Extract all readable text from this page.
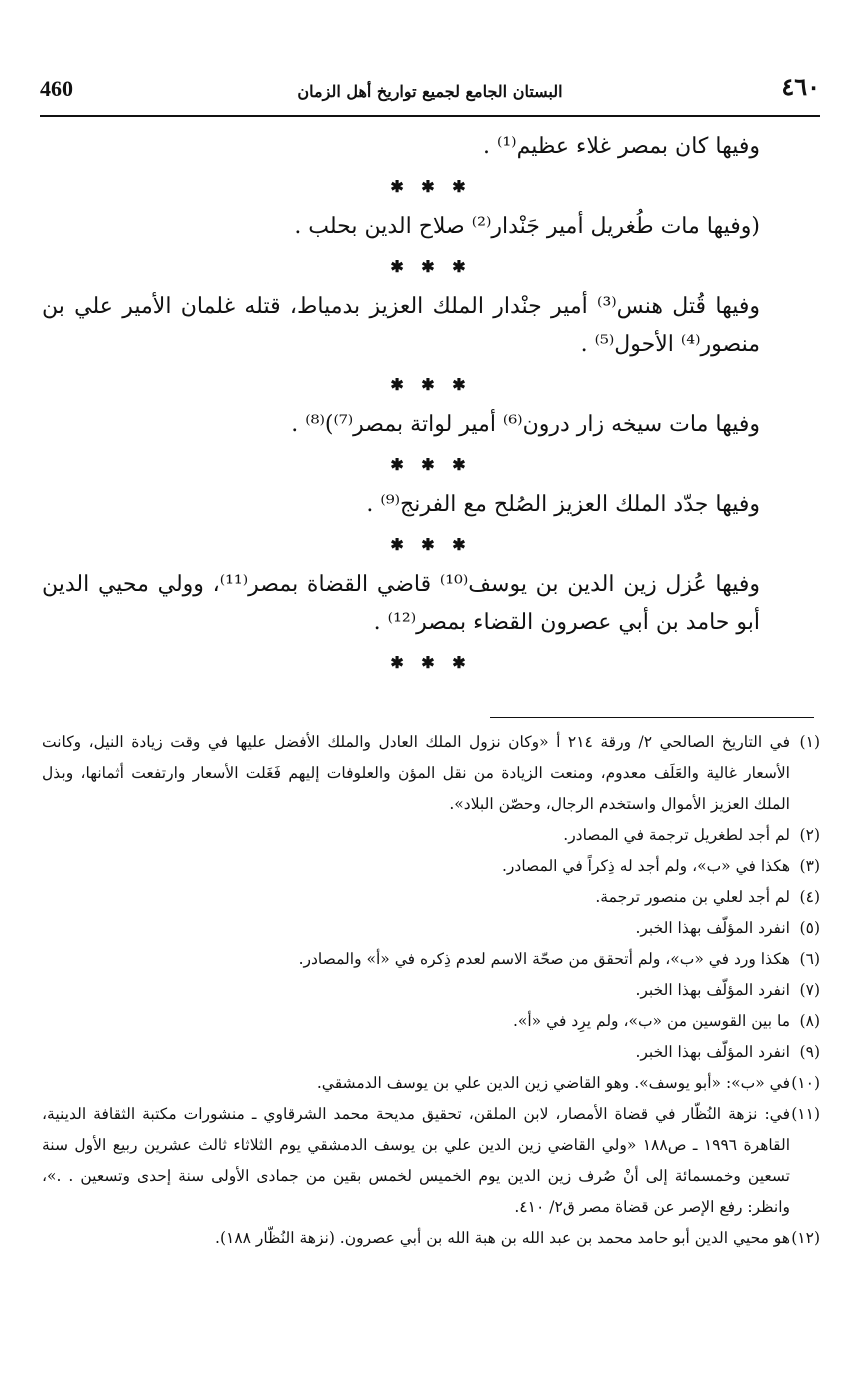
460	البستان الجامع لجميع تواريخ أهل الزمان	٤٦٠

وفيها كان بمصر غلاء عظيم⁽¹⁾ .

✱ ✱ ✱

(وفيها مات طُغريل أمير جَنْدار⁽²⁾ صلاح الدين بحلب .

✱ ✱ ✱

وفيها قُتل هنس⁽³⁾ أمير جنْدار الملك العزيز بدمياط، قتله غلمان الأمير علي بن منصور⁽⁴⁾ الأحول⁽⁵⁾ .

✱ ✱ ✱

وفيها مات سيخه زار درون⁽⁶⁾ أمير لواتة بمصر⁽⁷⁾)⁽⁸⁾ .

✱ ✱ ✱

وفيها جدّد الملك العزيز الصُلح مع الفرنج⁽⁹⁾ .

✱ ✱ ✱

وفيها عُزل زين الدين بن يوسف⁽¹⁰⁾ قاضي القضاة بمصر⁽¹¹⁾، وولي محيي الدين أبو حامد بن أبي عصرون القضاء بمصر⁽¹²⁾ .

✱ ✱ ✱
(١)
في التاريخ الصالحي ٢/ ورقة ٢١٤ أ «وكان نزول الملك العادل والملك الأفضل عليها في وقت زيادة النيل، وكانت الأسعار غالية والعَلَف معدوم، ومنعت الزيادة من نقل المؤن والعلوفات إليهم فَغَلت الأسعار وارتفعت أثمانها، وبذل الملك العزيز الأموال واستخدم الرجال، وحصّن البلاد».
(٢)
لم أجد لطغريل ترجمة في المصادر.
(٣)
هكذا في «ب»، ولم أجد له ذِكراً في المصادر.
(٤)
لم أجد لعلي بن منصور ترجمة.
(٥)
انفرد المؤلّف بهذا الخبر.
(٦)
هكذا ورد في «ب»، ولم أتحقق من صحّة الاسم لعدم ذِكره في «أ» والمصادر.
(٧)
انفرد المؤلّف بهذا الخبر.
(٨)
ما بين القوسين من «ب»، ولم يرِد في «أ».
(٩)
انفرد المؤلّف بهذا الخبر.
(١٠)
في «ب»: «أبو يوسف». وهو القاضي زين الدين علي بن يوسف الدمشقي.
(١١)
في: نزهة النُظّار في قضاة الأمصار، لابن الملقن، تحقيق مديحة محمد الشرقاوي ـ منشورات مكتبة الثقافة الدينية، القاهرة ١٩٩٦ ـ ص١٨٨ «ولي القاضي زين الدين علي بن يوسف الدمشقي يوم الثلاثاء ثالث عشرين ربيع الأول سنة تسعين وخمسمائة إلى أنْ صُرف زين الدين يوم الخميس لخمس بقين من جمادى الأولى سنة إحدى وتسعين . .»، وانظر: رفع الإصر عن قضاة مصر ق٢/ ٤١٠.
(١٢)
هو محيي الدين أبو حامد محمد بن عبد الله بن هبة الله بن أبي عصرون. (نزهة النُظّار ١٨٨).
